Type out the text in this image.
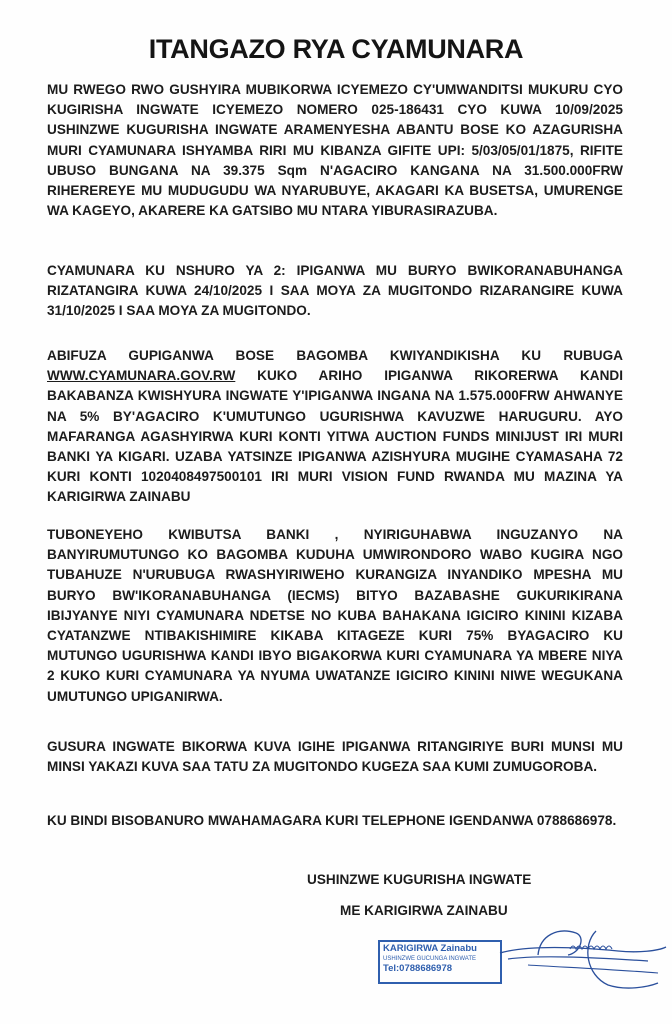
ITANGAZO RYA CYAMUNARA
MU RWEGO RWO GUSHYIRA MUBIKORWA ICYEMEZO CY'UMWANDITSI MUKURU CYO KUGIRISHA INGWATE ICYEMEZO NOMERO 025-186431 CYO KUWA 10/09/2025 USHINZWE KUGURISHA INGWATE ARAMENYESHA ABANTU BOSE KO AZAGURISHA MURI CYAMUNARA ISHYAMBA RIRI MU KIBANZA GIFITE UPI: 5/03/05/01/1875, RIFITE UBUSO BUNGANA NA 39.375 Sqm N'AGACIRO KANGANA NA 31.500.000FRW RIHEREREYE MU MUDUGUDU WA NYARUBUYE, AKAGARI KA BUSETSA, UMURENGE WA KAGEYO, AKARERE KA GATSIBO MU NTARA YIBURASIRAZUBA.
CYAMUNARA KU NSHURO YA 2: IPIGANWA MU BURYO BWIKORANABUHANGA RIZATANGIRA KUWA 24/10/2025 I SAA MOYA ZA MUGITONDO RIZARANGIRE KUWA 31/10/2025 I SAA MOYA ZA MUGITONDO.
ABIFUZA GUPIGANWA BOSE BAGOMBA KWIYANDIKISHA KU RUBUGA WWW.CYAMUNARA.GOV.RW KUKO ARIHO IPIGANWA RIKORERWA KANDI BAKABANZA KWISHYURA INGWATE Y'IPIGANWA INGANA NA 1.575.000FRW AHWANYE NA 5% BY'AGACIRO K'UMUTUNGO UGURISHWA KAVUZWE HARUGURU. AYO MAFARANGA AGASHYIRWA KURI KONTI YITWA AUCTION FUNDS MINIJUST IRI MURI BANKI YA KIGARI. UZABA YATSINZE IPIGANWA AZISHYURA MUGIHE CYAMASAHA 72 KURI KONTI 1020408497500101 IRI MURI VISION FUND RWANDA MU MAZINA YA KARIGIRWA ZAINABU
TUBONEYEHO KWIBUTSA BANKI , NYIRIGUHABWA INGUZANYO NA BANYIRUMUTUNGO KO BAGOMBA KUDUHA UMWIRONDORO WABO KUGIRA NGO TUBAHUZE N'URUBUGA RWASHYIRIWEHO KURANGIZA INYANDIKO MPESHA MU BURYO BW'IKORANABUHANGA (IECMS) BITYO BAZABASHE GUKURIKIRANA IBIJYANYE NIYI CYAMUNARA NDETSE NO KUBA BAHAKANA IGICIRO KININI KIZABA CYATANZWE NTIBAKISHIMIRE KIKABA KITAGEZE KURI 75% BYAGACIRO KU MUTUNGO UGURISHWA KANDI IBYO BIGAKORWA KURI CYAMUNARA YA MBERE NIYA 2 KUKO KURI CYAMUNARA YA NYUMA UWATANZE IGICIRO KININI NIWE WEGUKANA UMUTUNGO UPIGANIRWA.
GUSURA INGWATE BIKORWA KUVA IGIHE IPIGANWA RITANGIRIYE BURI MUNSI MU MINSI YAKAZI KUVA SAA TATU ZA MUGITONDO KUGEZA SAA KUMI ZUMUGOROBA.
KU BINDI BISOBANURO MWAHAMAGARA KURI TELEPHONE IGENDANWA 0788686978.
USHINZWE KUGURISHA INGWATE
ME KARIGIRWA ZAINABU
KARIGIRWA Zainabu
USHINZWE GUCUNGA INGWATE
Tel:0788686978
